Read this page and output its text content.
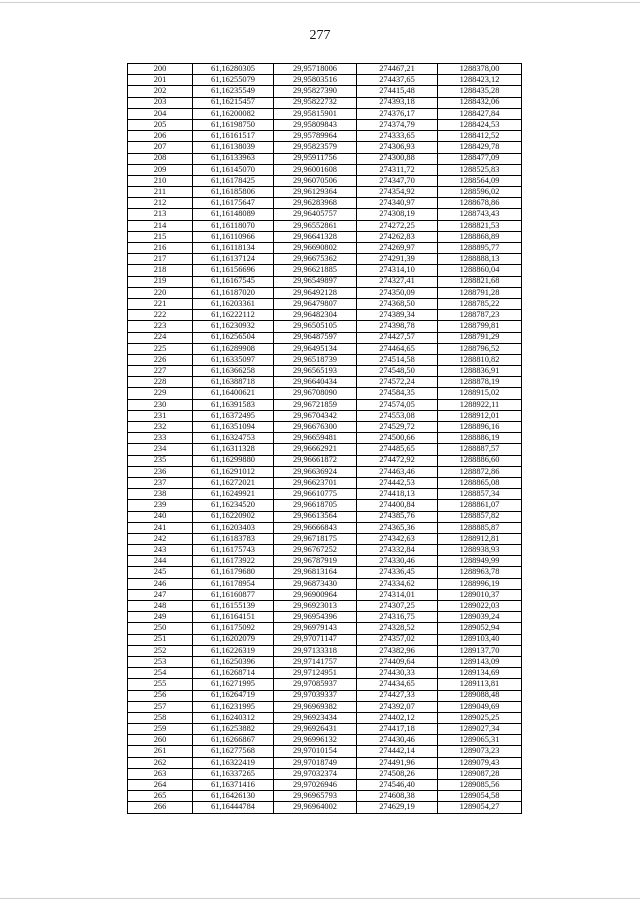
277
200	61,16280305	29,95718006	274467,21	1288378,00
201	61,16255079	29,95803516	274437,65	1288423,12
202	61,16235549	29,95827390	274415,48	1288435,28
203	61,16215457	29,95822732	274393,18	1288432,06
204	61,16200082	29,95815901	274376,17	1288427,84
205	61,16198750	29,95809843	274374,79	1288424,53
206	61,16161517	29,95789964	274333,65	1288412,52
207	61,16138039	29,95823579	274306,93	1288429,78
208	61,16133963	29,95911756	274300,88	1288477,09
209	61,16145070	29,96001608	274311,72	1288525,83
210	61,16178425	29,96070506	274347,70	1288564,09
211	61,16185806	29,96129364	274354,92	1288596,02
212	61,16175647	29,96283968	274340,97	1288678,86
213	61,16148089	29,96405757	274308,19	1288743,43
214	61,16118070	29,96552861	274272,25	1288821,53
215	61,16110966	29,96641328	274262,83	1288868,89
216	61,16118134	29,96690802	274269,97	1288895,77
217	61,16137124	29,96675362	274291,39	1288888,13
218	61,16156696	29,96621885	274314,10	1288860,04
219	61,16167545	29,96549897	274327,41	1288821,68
220	61,16187020	29,96492128	274350,09	1288791,28
221	61,16203361	29,96479807	274368,50	1288785,22
222	61,16222112	29,96482304	274389,34	1288787,23
223	61,16230932	29,96505105	274398,78	1288799,81
224	61,16256504	29,96487597	274427,57	1288791,29
225	61,16289908	29,96495134	274464,65	1288796,52
226	61,16335097	29,96518739	274514,58	1288810,82
227	61,16366258	29,96565193	274548,50	1288836,91
228	61,16388718	29,96640434	274572,24	1288878,19
229	61,16400621	29,96708090	274584,35	1288915,02
230	61,16391583	29,96721859	274574,05	1288922,11
231	61,16372495	29,96704342	274553,08	1288912,01
232	61,16351094	29,96676300	274529,72	1288896,16
233	61,16324753	29,96659481	274500,66	1288886,19
234	61,16311328	29,96662921	274485,65	1288887,57
235	61,16299880	29,96661872	274472,92	1288886,60
236	61,16291012	29,96636924	274463,46	1288872,86
237	61,16272021	29,96623701	274442,53	1288865,08
238	61,16249921	29,96610775	274418,13	1288857,34
239	61,16234520	29,96618705	274400,84	1288861,07
240	61,16220902	29,96613564	274385,76	1288857,82
241	61,16203403	29,96666843	274365,36	1288885,87
242	61,16183783	29,96718175	274342,63	1288912,81
243	61,16175743	29,96767252	274332,84	1288938,93
244	61,16173922	29,96787919	274330,46	1288949,99
245	61,16179680	29,96813164	274336,45	1288963,78
246	61,16178954	29,96873430	274334,62	1288996,19
247	61,16160877	29,96900964	274314,01	1289010,37
248	61,16155139	29,96923013	274307,25	1289022,03
249	61,16164151	29,96954396	274316,75	1289039,24
250	61,16175092	29,96979143	274328,52	1289052,94
251	61,16202079	29,97071147	274357,02	1289103,40
252	61,16226319	29,97133318	274382,96	1289137,70
253	61,16250396	29,97141757	274409,64	1289143,09
254	61,16268714	29,97124951	274430,33	1289134,69
255	61,16271995	29,97085937	274434,65	1289113,81
256	61,16264719	29,97039337	274427,33	1289088,48
257	61,16231995	29,96969382	274392,07	1289049,69
258	61,16240312	29,96923434	274402,12	1289025,25
259	61,16253882	29,96926431	274417,18	1289027,34
260	61,16266867	29,96996132	274430,46	1289065,31
261	61,16277568	29,97010154	274442,14	1289073,23
262	61,16322419	29,97018749	274491,96	1289079,43
263	61,16337265	29,97032374	274508,26	1289087,28
264	61,16371416	29,97026946	274546,40	1289085,56
265	61,16426130	29,96965793	274608,38	1289054,58
266	61,16444784	29,96964002	274629,19	1289054,27
